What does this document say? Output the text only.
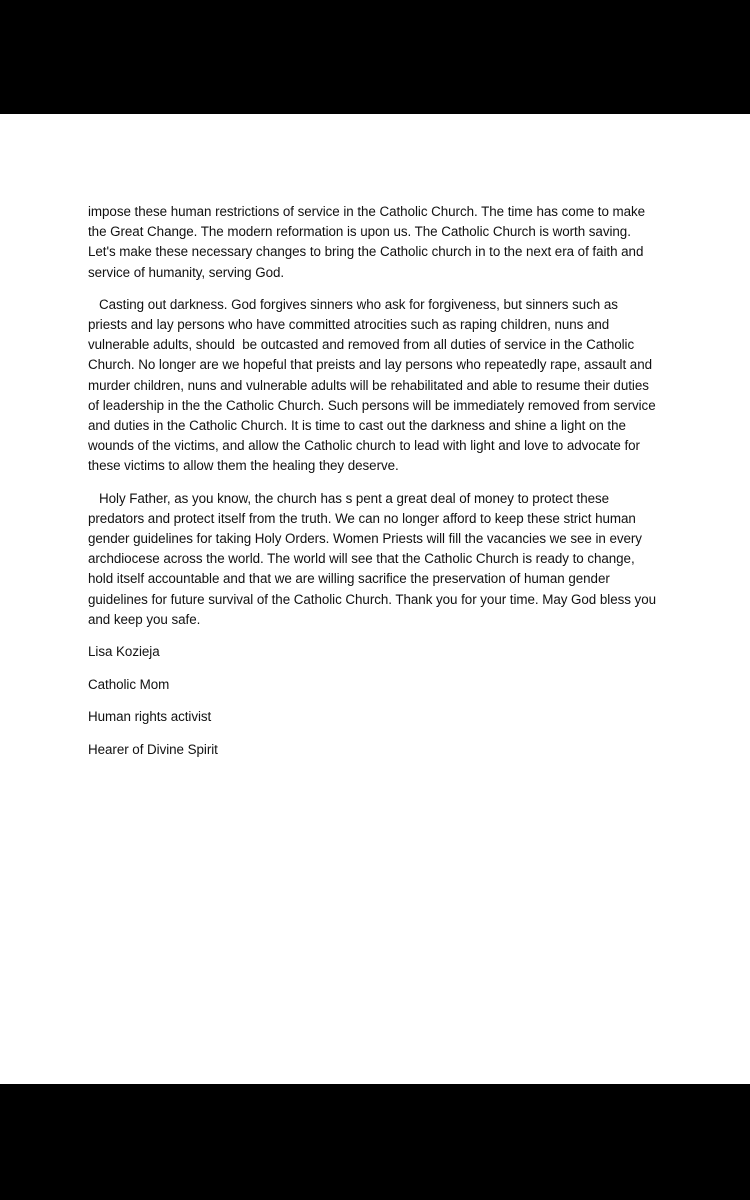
impose these human restrictions of service in the Catholic Church. The time has come to make the Great Change. The modern reformation is upon us. The Catholic Church is worth saving. Let's make these necessary changes to bring the Catholic church in to the next era of faith and service of humanity, serving God.

Casting out darkness. God forgives sinners who ask for forgiveness, but sinners such as priests and lay persons who have committed atrocities such as raping children, nuns and vulnerable adults, should  be outcasted and removed from all duties of service in the Catholic Church. No longer are we hopeful that preists and lay persons who repeatedly rape, assault and murder children, nuns and vulnerable adults will be rehabilitated and able to resume their duties of leadership in the the Catholic Church. Such persons will be immediately removed from service and duties in the Catholic Church. It is time to cast out the darkness and shine a light on the wounds of the victims, and allow the Catholic church to lead with light and love to advocate for these victims to allow them the healing they deserve.

Holy Father, as you know, the church has s pent a great deal of money to protect these predators and protect itself from the truth. We can no longer afford to keep these strict human gender guidelines for taking Holy Orders. Women Priests will fill the vacancies we see in every archdiocese across the world. The world will see that the Catholic Church is ready to change, hold itself accountable and that we are willing sacrifice the preservation of human gender guidelines for future survival of the Catholic Church. Thank you for your time. May God bless you and keep you safe.

Lisa Kozieja

Catholic Mom

Human rights activist

Hearer of Divine Spirit
